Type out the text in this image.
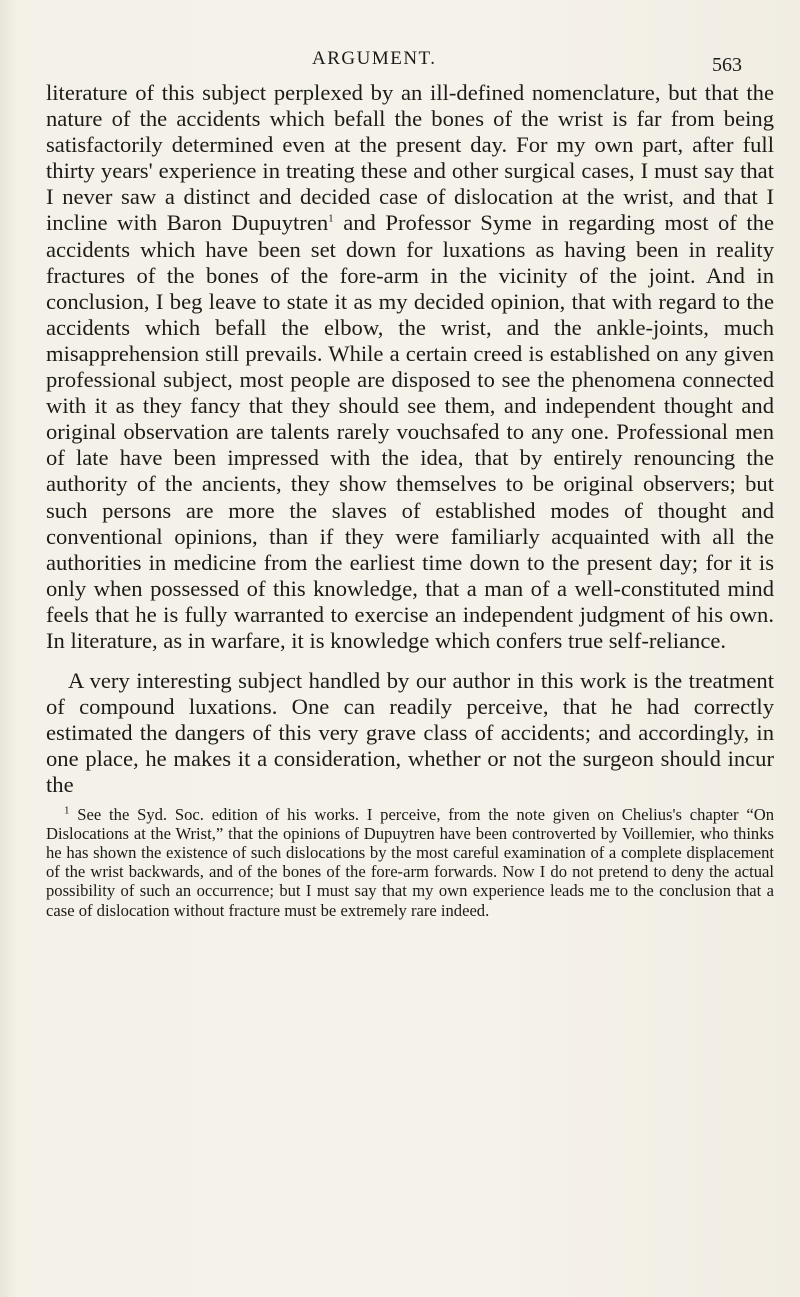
ARGUMENT.	563

literature of this subject perplexed by an ill-defined nomenclature, but that the nature of the accidents which befall the bones of the wrist is far from being satisfactorily determined even at the present day. For my own part, after full thirty years' experience in treating these and other surgical cases, I must say that I never saw a distinct and decided case of dislocation at the wrist, and that I incline with Baron Dupuytren$^1$ and Professor Syme in regarding most of the accidents which have been set down for luxations as having been in reality fractures of the bones of the fore-arm in the vicinity of the joint. And in conclusion, I beg leave to state it as my decided opinion, that with regard to the accidents which befall the elbow, the wrist, and the ankle-joints, much misapprehension still prevails. While a certain creed is established on any given professional subject, most people are disposed to see the phenomena connected with it as they fancy that they should see them, and independent thought and original observation are talents rarely vouchsafed to any one. Professional men of late have been impressed with the idea, that by entirely renouncing the authority of the ancients, they show themselves to be original observers; but such persons are more the slaves of established modes of thought and conventional opinions, than if they were familiarly acquainted with all the authorities in medicine from the earliest time down to the present day; for it is only when possessed of this knowledge, that a man of a well-constituted mind feels that he is fully warranted to exercise an independent judgment of his own. In literature, as in warfare, it is knowledge which confers true self-reliance.

A very interesting subject handled by our author in this work is the treatment of compound luxations. One can readily perceive, that he had correctly estimated the dangers of this very grave class of accidents; and accordingly, in one place, he makes it a consideration, whether or not the surgeon should incur the

$^1$ See the Syd. Soc. edition of his works. I perceive, from the note given on Chelius's chapter “On Dislocations at the Wrist,” that the opinions of Dupuytren have been controverted by Voillemier, who thinks he has shown the existence of such dislocations by the most careful examination of a complete displacement of the wrist backwards, and of the bones of the fore-arm forwards. Now I do not pretend to deny the actual possibility of such an occurrence; but I must say that my own experience leads me to the conclusion that a case of dislocation without fracture must be extremely rare indeed.
